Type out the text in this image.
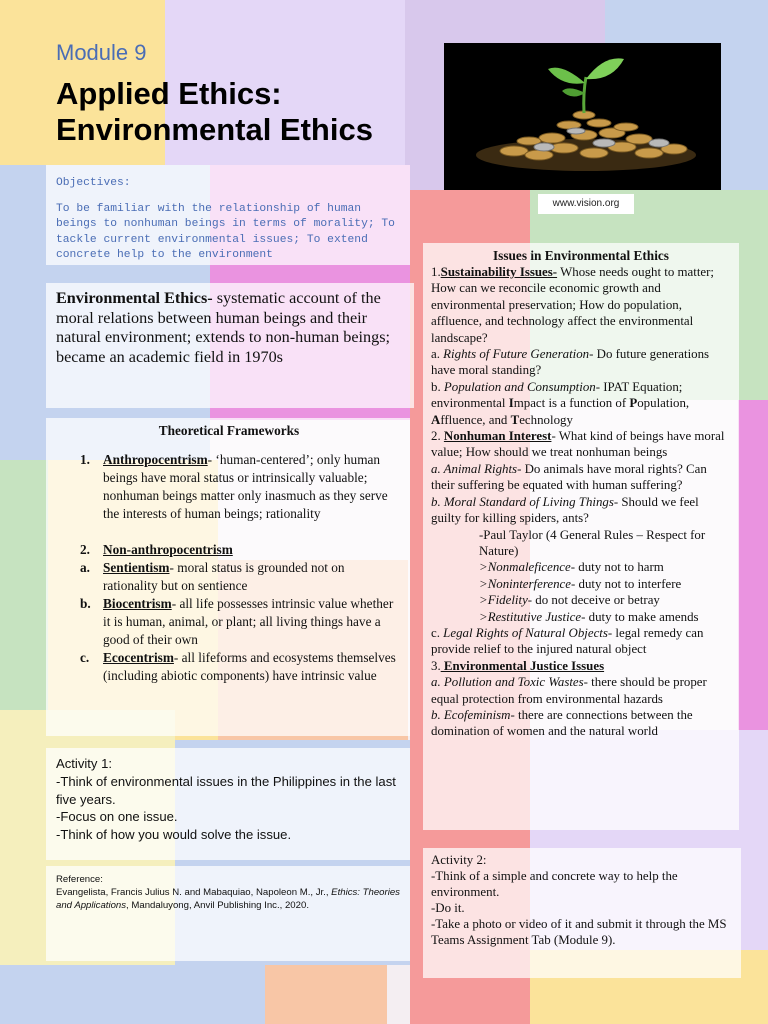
Module 9
Applied Ethics:
Environmental Ethics
www.vision.org
Objectives:
To be familiar with the relationship of human beings to nonhuman beings in terms of morality; To tackle current environmental issues; To extend concrete help to the environment
Environmental Ethics- systematic account of the moral relations between human beings and their natural environment; extends to non-human beings; became an academic field in 1970s
Theoretical Frameworks
1. Anthropocentrism- ‘human-centered’; only human beings have moral status or intrinsically valuable; nonhuman beings matter only inasmuch as they serve the interests of human beings; rationality
2. Non-anthropocentrism
a. Sentientism- moral status is grounded not on rationality but on sentience
b. Biocentrism- all life possesses intrinsic value whether it is human, animal, or plant; all living things have a good of their own
c. Ecocentrism- all lifeforms and ecosystems themselves (including abiotic components) have intrinsic value
Activity 1:
-Think of environmental issues in the Philippines in the last five years.
-Focus on one issue.
-Think of how you would solve the issue.
Reference:
Evangelista, Francis Julius N. and Mabaquiao, Napoleon M., Jr., Ethics: Theories and Applications, Mandaluyong, Anvil Publishing Inc., 2020.
Issues in Environmental Ethics

1.Sustainability Issues- Whose needs ought to matter; How can we reconcile economic growth and environmental preservation; How do population, affluence, and technology affect the environmental landscape?

a. Rights of Future Generation- Do future generations have moral standing?

b. Population and Consumption- IPAT Equation; environmental Impact is a function of Population, Affluence, and Technology

2. Nonhuman Interest- What kind of beings have moral value; How should we treat nonhuman beings

a. Animal Rights- Do animals have moral rights? Can their suffering be equated with human suffering?

b. Moral Standard of Living Things- Should we feel guilty for killing spiders, ants?

-Paul Taylor (4 General Rules – Respect for Nature)

>Nonmaleficence- duty not to harm

>Noninterference- duty not to interfere

>Fidelity- do not deceive or betray

>Restitutive Justice- duty to make amends

c. Legal Rights of Natural Objects- legal remedy can provide relief to the injured natural object

3. Environmental Justice Issues

a. Pollution and Toxic Wastes- there should be proper equal protection from environmental hazards

b. Ecofeminism- there are connections between the domination of women and the natural world

Activity 2:
-Think of a simple and concrete way to help the environment.
-Do it.
-Take a photo or video of it and submit it through the MS Teams Assignment Tab (Module 9).
